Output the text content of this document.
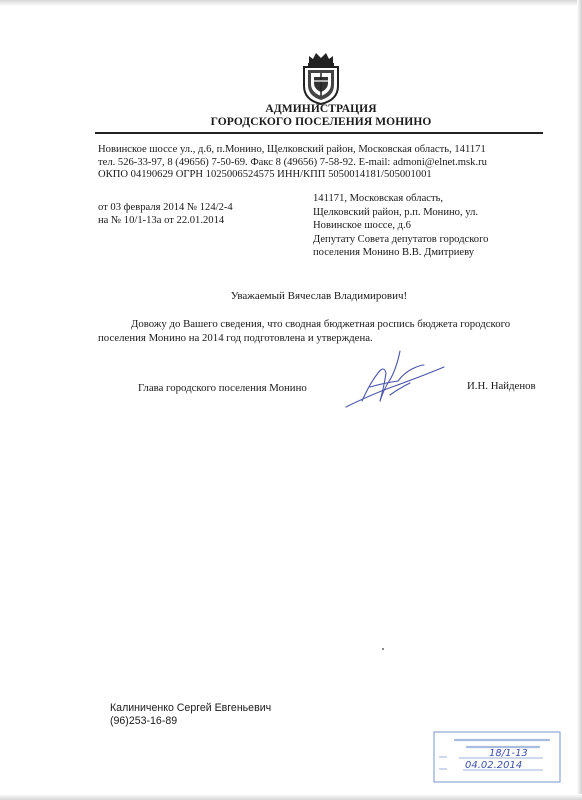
АДМИНИСТРАЦИЯ
ГОРОДСКОГО ПОСЕЛЕНИЯ МОНИНО
Новинское шоссе ул., д.6, п.Монино, Щелковский район, Московская область, 141171
тел. 526-33-97, 8 (49656) 7-50-69. Факс 8 (49656) 7-58-92. E-mail: admoni@elnet.msk.ru
ОКПО 04190629 ОГРН 1025006524575 ИНН/КПП 5050014181/505001001
от 03 февраля 2014 № 124/2-4
на № 10/1-13а от 22.01.2014
141171, Московская область,
Щелковский район, р.п. Монино, ул.
Новинское шоссе, д.6
Депутату Совета депутатов городского
поселения Монино В.В. Дмитриеву
Уважаемый Вячеслав Владимирович!

Довожу до Вашего сведения, что сводная бюджетная роспись бюджета городского

поселения Монино на 2014 год подготовлена и утверждена.

Глава городского поселения Монино	И.Н. Найденов
Калиниченко Сергей Евгеньевич
(96)253-16-89
18/1-13
04.02.2014
